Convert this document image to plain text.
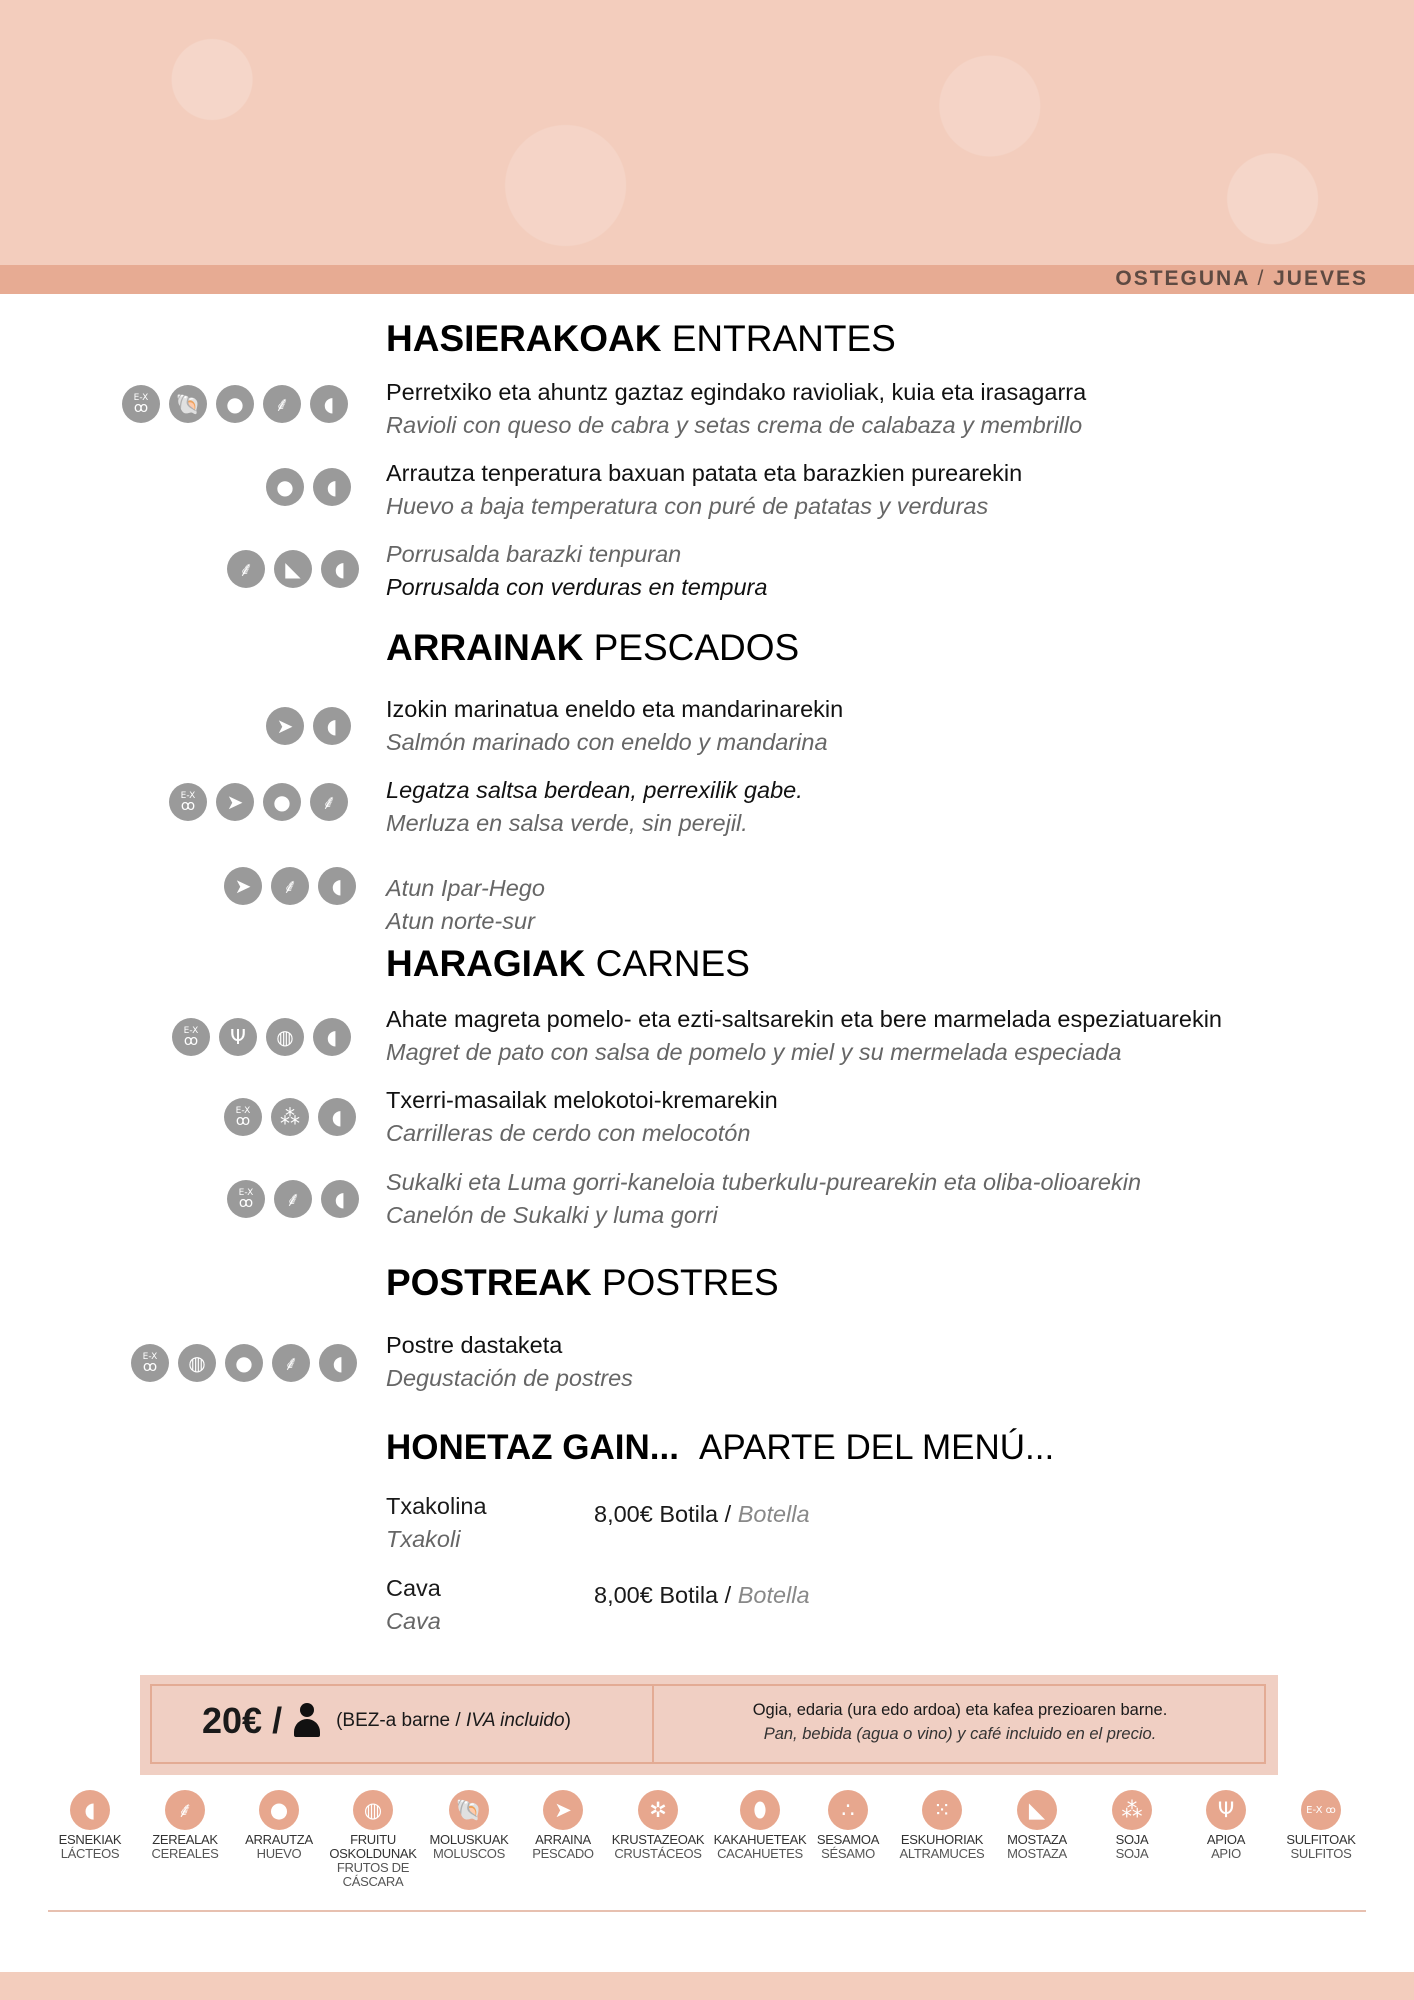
OSTEGUNA / JUEVES
HASIERAKOAK ENTRANTES
E-X
ꝏ	🐚	●	⸙	◖	Perretxiko eta ahuntz gaztaz egindako ravioliak, kuia eta irasagarra
Ravioli con queso de cabra y setas crema de calabaza y membrillo
●	◖
Arrautza tenperatura baxuan patata eta barazkien purearekin
Huevo a baja temperatura con puré de patatas y verduras
⸙	◣	◖
Porrusalda barazki tenpuran
Porrusalda con verduras en tempura
ARRAINAK PESCADOS
➤	◖
Izokin marinatua eneldo eta mandarinarekin
Salmón marinado con eneldo y mandarina
E-X
ꝏ	➤	●	⸙	Legatza saltsa berdean, perrexilik gabe.
Merluza en salsa verde, sin perejil.
➤	⸙	◖	Atun Ipar-Hego
Atun norte-sur
HARAGIAK CARNES
E-X
ꝏ	Ψ	◍	◖
Ahate magreta pomelo- eta ezti-saltsarekin eta bere marmelada espeziatuarekin
Magret de pato con salsa de pomelo y miel y su mermelada especiada
E-X
ꝏ	⁂	◖
Txerri-masailak melokotoi-kremarekin
Carrilleras de cerdo con melocotón
E-X
ꝏ	⸙	◖
Sukalki eta Luma gorri-kaneloia tuberkulu-purearekin eta oliba-olioarekin
Canelón de Sukalki y luma gorri
POSTREAK POSTRES
E-X
ꝏ	◍	●	⸙	◖
Postre dastaketa
Degustación de postres
HONETAZ GAIN... APARTE DEL MENÚ...
Txakolina
Txakoli
8,00€ Botila / Botella
Cava
Cava
8,00€ Botila / Botella
20€ /	(BEZ-a barne / IVA incluido)	Ogia, edaria (ura edo ardoa) eta kafea prezioaren barne.
Pan, bebida (agua o vino) y café incluido en el precio.
◖
ESNEKIAK
LÁCTEOS
⸙
ZEREALAK
CEREALES
●
ARRAUTZA
HUEVO
◍
FRUITU OSKOLDUNAK
FRUTOS DE CÁSCARA
🐚
MOLUSKUAK
MOLUSCOS
➤
ARRAINA
PESCADO
✲
KRUSTAZEOAK
CRUSTÁCEOS
⬮
KAKAHUETEAK
CACAHUETES
∴
SESAMOA
SÉSAMO
⁙
ESKUHORIAK
ALTRAMUCES
◣
MOSTAZA
MOSTAZA
⁂
SOJA
SOJA
Ψ
APIOA
APIO
E-X ꝏ
SULFITOAK
SULFITOS
